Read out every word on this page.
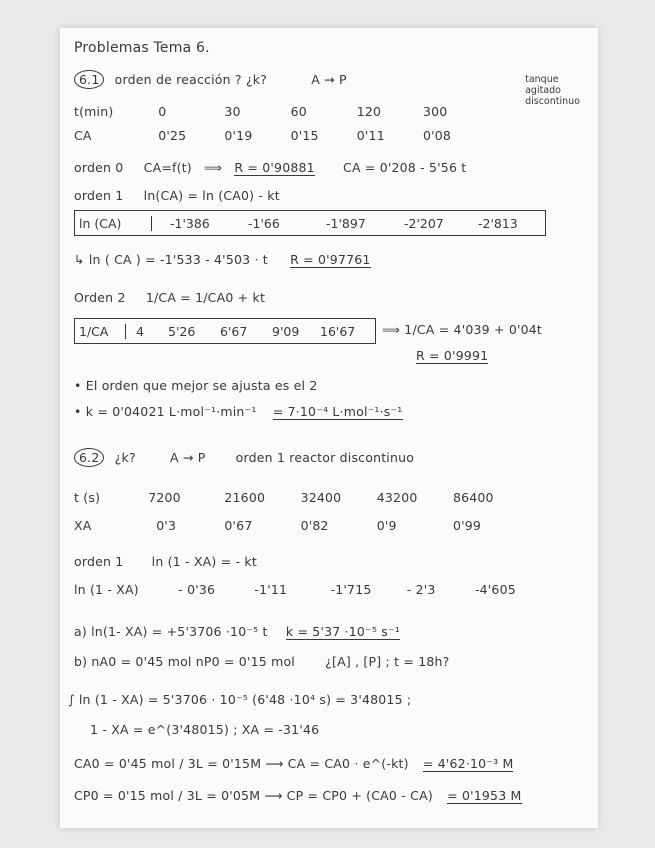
Problemas Tema 6.
6.1 orden de reacción ? ¿k?	A → P	tanque
agitado
discontinuo
t(min)	0	30	60	120	300
CA	0'25	0'19	0'15	0'11	0'08
orden 0 CA=f(t) ⟹ R = 0'90881 CA = 0'208 - 5'56 t
orden 1 ln(CA) = ln (CA0) - kt
ln (CA)	-1'386	-1'66	-1'897	-2'207	-2'813
↳ ln ( CA ) = -1'533 - 4'503 · t R = 0'97761
Orden 2 1/CA = 1/CA0 + kt
1/CA	4	5'26	6'67	9'09	16'67	⟹ 1/CA = 4'039 + 0'04t
R = 0'9991
• El orden que mejor se ajusta es el 2
• k = 0'04021 L·mol⁻¹·min⁻¹ = 7·10⁻⁴ L·mol⁻¹·s⁻¹
6.2 ¿k?	A → P orden 1 reactor discontinuo
t (s)	7200	21600	32400	43200	86400
XA	0'3	0'67	0'82	0'9	0'99
orden 1 ln (1 - XA) = - kt
ln (1 - XA)	- 0'36	-1'11	-1'715	- 2'3	-4'605
a) ln(1- XA) = +5'3706 ·10⁻⁵ t k = 5'37 ·10⁻⁵ s⁻¹
b) nA0 = 0'45 mol nP0 = 0'15 mol ¿[A] , [P] ; t = 18h?
∫ ln (1 - XA) = 5'3706 · 10⁻⁵ (6'48 ·10⁴ s) = 3'48015 ;
1 - XA = e^(3'48015) ; XA = -31'46
CA0 = 0'45 mol / 3L = 0'15M ⟶ CA = CA0 · e^(-kt) = 4'62·10⁻³ M
CP0 = 0'15 mol / 3L = 0'05M ⟶ CP = CP0 + (CA0 - CA) = 0'1953 M
